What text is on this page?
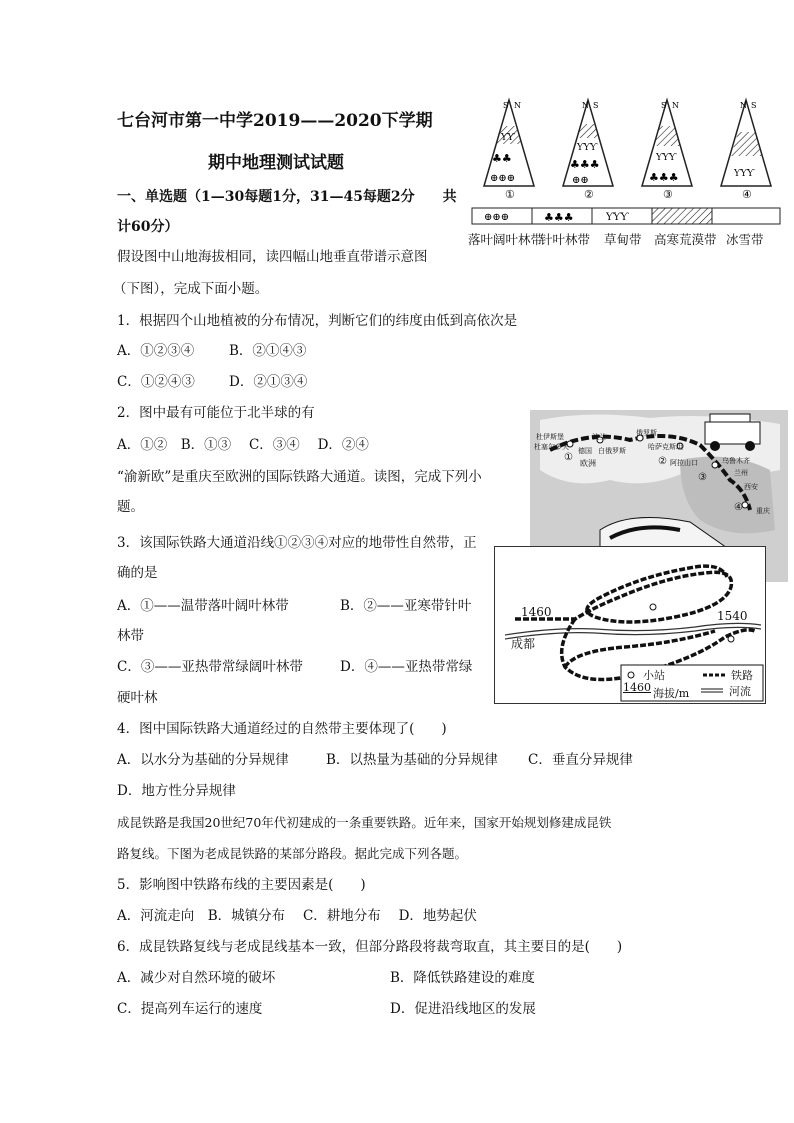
七台河市第一中学2019——2020下学期
期中地理测试试题
一、单选题（1—30每题1分，31—45每题2分　　共
计60分）
ƳƳ
♣♣
⊕⊕⊕
①
ƳƳƳ
♣♣♣
⊕⊕
②
ƳƳƳ
♣♣♣
③
ƳƳƳ
④
S N	N S	S N	N S
⊕⊕⊕	♣♣♣	ƳƳƳ
落叶阔叶林带
针叶林带 草甸带 高寒荒漠带 冰雪带
假设图中山地海拔相同，读四幅山地垂直带谱示意图
（下图），完成下面小题。
1．根据四个山地植被的分布情况，判断它们的纬度由低到高依次是
A．①②③④	B．②①④③
C．①②④③	D．②①③④
2．图中最有可能位于北半球的有
A．①②　B．①③　 C．③④　 D．②④
“渝新欧”是重庆至欧洲的国际铁路大通道。读图，完成下列小
题。
杜伊斯堡
杜塞尔多夫 德国
欧洲
波兰
白俄罗斯
俄罗斯
哈萨克斯坦
阿拉山口	乌鲁木齐
兰州
西安
重庆
①	②
③
④
3．该国际铁路大通道沿线①②③④对应的地带性自然带，正
确的是
A．①——温带落叶阔叶林带	B．②——亚寒带针叶
林带
C．③——亚热带常绿阔叶林带	D．④——亚热带常绿
硬叶林
1460	1540
成都
小站	铁路
1460 海拔/m	河流
4．图中国际铁路大通道经过的自然带主要体现了(　　)
A．以水分为基础的分异规律	B．以热量为基础的分异规律 C．垂直分异规律
D．地方性分异规律
成昆铁路是我国20世纪70年代初建成的一条重要铁路。近年来，国家开始规划修建成昆铁
路复线。下图为老成昆铁路的某部分路段。据此完成下列各题。
5．影响图中铁路布线的主要因素是(　　)
A．河流走向　B．城镇分布　 C．耕地分布　 D．地势起伏
6．成昆铁路复线与老成昆线基本一致，但部分路段将裁弯取直，其主要目的是(　　)
A．减少对自然环境的破坏	B．降低铁路建设的难度
C．提高列车运行的速度	D．促进沿线地区的发展
